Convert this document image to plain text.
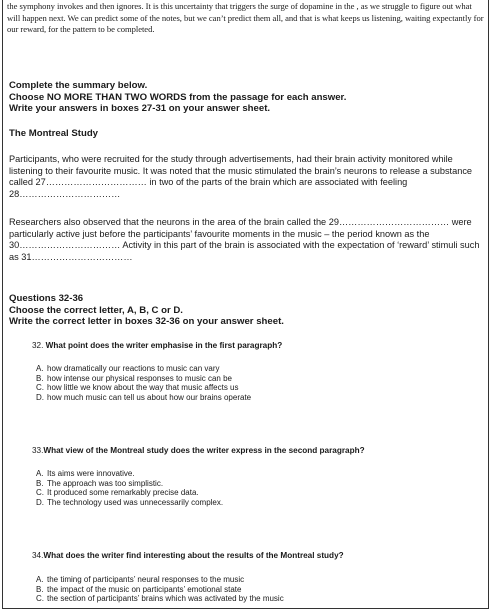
the symphony invokes and then ignores. It is this uncertainty that triggers the surge of dopamine in the , as we struggle to figure out what will happen next. We can predict some of the notes, but we can’t predict them all, and that is what keeps us listening, waiting expectantly for our reward, for the pattern to be completed.
Complete the summary below.
Choose NO MORE THAN TWO WORDS from the passage for each answer.
Write your answers in boxes 27-31 on your answer sheet.
The Montreal Study
Participants, who were recruited for the study through advertisements, had their brain activity monitored while listening to their favourite music. It was noted that the music stimulated the brain’s neurons to release a substance called 27…………………………… in two of the parts of the brain which are associated with feeling 28……………………………
Researchers also observed that the neurons in the area of the brain called the 29……………………………… were particularly active just before the participants’ favourite moments in the music – the period known as the 30…………………………… Activity in this part of the brain is associated with the expectation of ‘reward’ stimuli such as 31……………………………
Questions 32-36
Choose the correct letter, A, B, C or D.
Write the correct letter in boxes 32-36 on your answer sheet.
32. What point does the writer emphasise in the first paragraph?
A. how dramatically our reactions to music can vary
B. how intense our physical responses to music can be
C. how little we know about the way that music affects us
D. how much music can tell us about how our brains operate
33.What view of the Montreal study does the writer express in the second paragraph?
A. Its aims were innovative.
B. The approach was too simplistic.
C. It produced some remarkably precise data.
D. The technology used was unnecessarily complex.
34.What does the writer find interesting about the results of the Montreal study?
A. the timing of participants’ neural responses to the music
B. the impact of the music on participants’ emotional state
C. the section of participants’ brains which was activated by the music
